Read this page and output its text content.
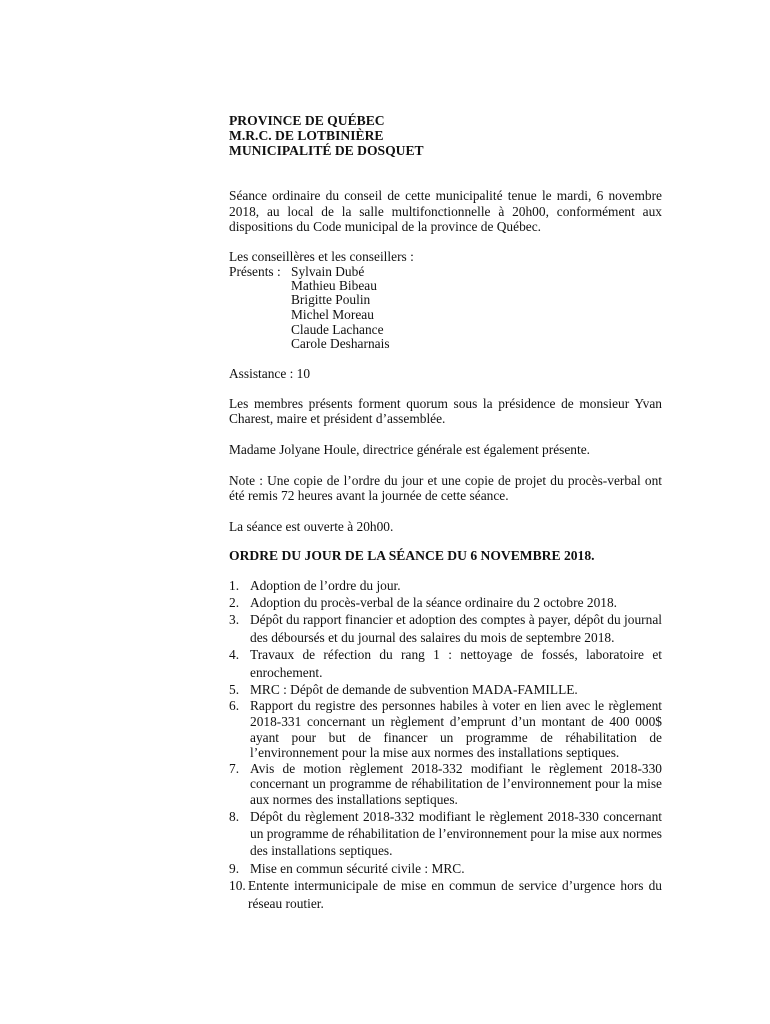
PROVINCE DE QUÉBEC

M.R.C. DE LOTBINIÈRE

MUNICIPALITÉ DE DOSQUET

Séance ordinaire du conseil de cette municipalité tenue le mardi, 6 novembre 2018, au local de la salle multifonctionnelle à 20h00, conformément aux dispositions du Code municipal de la province de Québec.

Les conseillères et les conseillers :

Présents : Sylvain Dubé
Mathieu Bibeau
Brigitte Poulin
Michel Moreau
Claude Lachance
Carole Desharnais

Assistance : 10

Les membres présents forment quorum sous la présidence de monsieur Yvan Charest, maire et président d’assemblée.

Madame Jolyane Houle, directrice générale est également présente.

Note : Une copie de l’ordre du jour et une copie de projet du procès-verbal ont été remis 72 heures avant la journée de cette séance.

La séance est ouverte à 20h00.

ORDRE DU JOUR DE LA SÉANCE DU 6 NOVEMBRE 2018.

1. Adoption de l’ordre du jour.
2. Adoption du procès-verbal de la séance ordinaire du 2 octobre 2018.
3. Dépôt du rapport financier et adoption des comptes à payer, dépôt du journal des déboursés et du journal des salaires du mois de septembre 2018.
4. Travaux de réfection du rang 1 : nettoyage de fossés, laboratoire et enrochement.
5. MRC : Dépôt de demande de subvention MADA-FAMILLE.
6. Rapport du registre des personnes habiles à voter en lien avec le règlement 2018-331 concernant un règlement d’emprunt d’un montant de 400 000$ ayant pour but de financer un programme de réhabilitation de l’environnement pour la mise aux normes des installations septiques.
7. Avis de motion règlement 2018-332 modifiant le règlement 2018-330 concernant un programme de réhabilitation de l’environnement pour la mise aux normes des installations septiques.
8. Dépôt du règlement 2018-332 modifiant le règlement 2018-330 concernant un programme de réhabilitation de l’environnement pour la mise aux normes des installations septiques.
9. Mise en commun sécurité civile : MRC.
10. Entente intermunicipale de mise en commun de service d’urgence hors du réseau routier.
